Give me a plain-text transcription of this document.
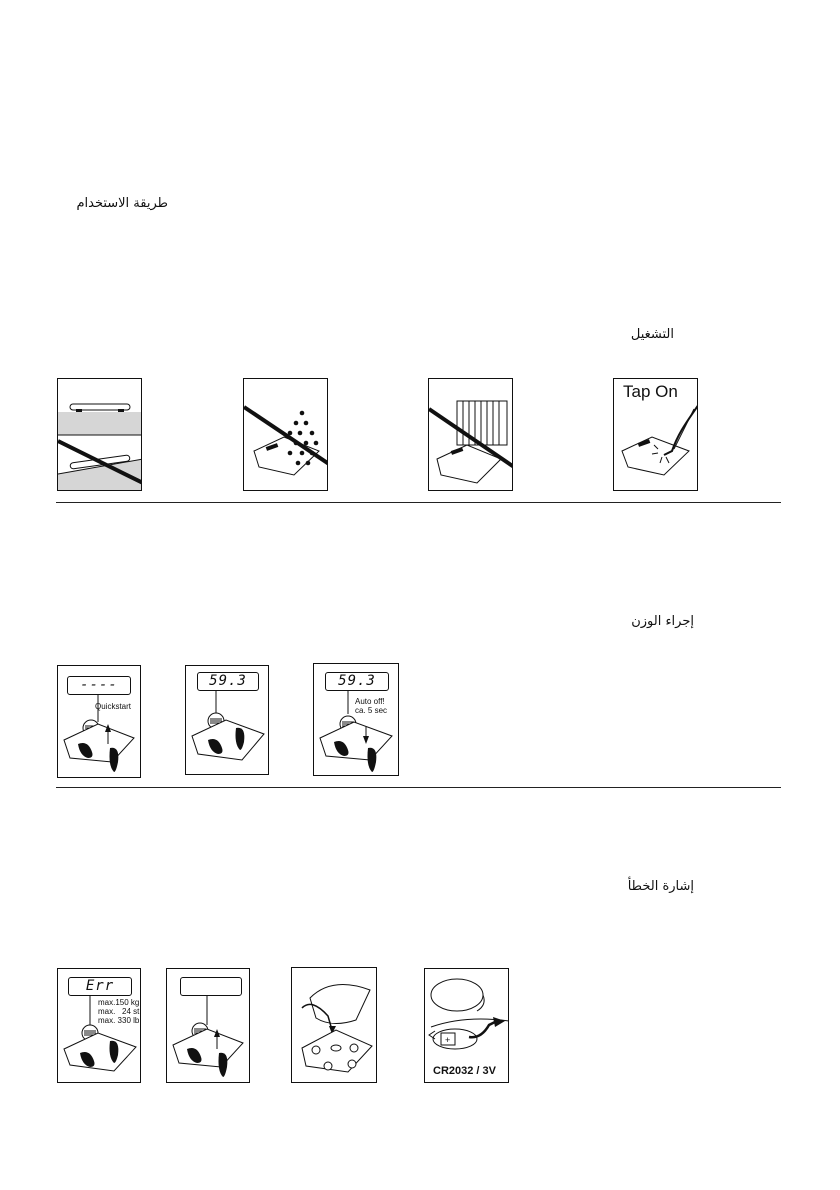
طريقة الاستخدام
التشغيل
Tap On
إجراء الوزن
----
Quickstart
59.3	59.3
Auto off!
ca. 5 sec
إشارة الخطأ
Err
max.150 kg
max.   24 st
max. 330 lb
+
CR2032 / 3V
